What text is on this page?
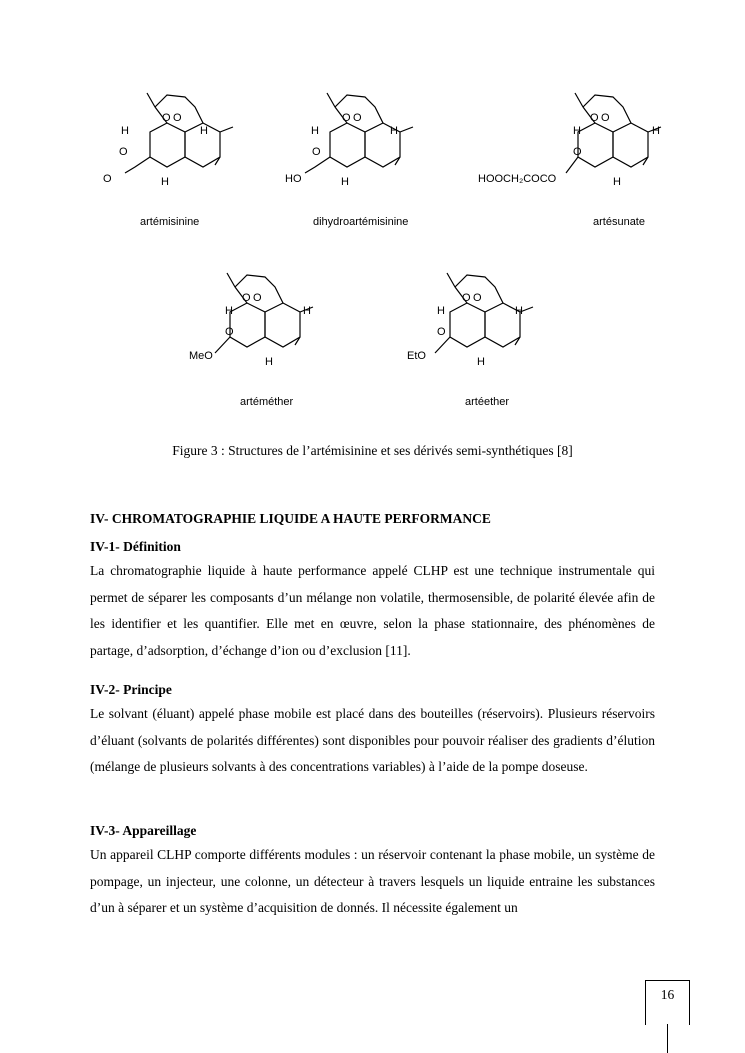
O O
H	H
O
H
O
artémisinine
O O
H	H
O
H
HO
dihydroartémisinine
O O
H	H
O
H
HOOCH₂COCO
artésunate
O O
H	H
O
H
MeO
artéméther
O O
H	H
O
H
EtO
artéether
Figure 3 : Structures de l’artémisinine et ses dérivés semi-synthétiques [8]
IV- CHROMATOGRAPHIE LIQUIDE A HAUTE PERFORMANCE
IV-1- Définition

La chromatographie liquide à haute performance appelé CLHP est une technique instrumentale qui permet de séparer les composants d’un mélange non volatile, thermosensible, de polarité élevée afin de les identifier et les quantifier. Elle met en œuvre, selon la phase stationnaire, des phénomènes de partage, d’adsorption, d’échange d’ion ou d’exclusion [11].

IV-2- Principe

Le solvant (éluant) appelé phase mobile est placé dans des bouteilles (réservoirs). Plusieurs réservoirs d’éluant (solvants de polarités différentes) sont disponibles pour pouvoir réaliser des gradients d’élution (mélange de plusieurs solvants à des concentrations variables) à l’aide de la pompe doseuse.

IV-3- Appareillage

Un appareil CLHP comporte différents modules : un réservoir contenant la phase mobile, un système de pompage, un injecteur, une colonne, un détecteur à travers lesquels un liquide entraine les substances d’un à séparer et un système d’acquisition de donnés. Il nécessite également un

16
